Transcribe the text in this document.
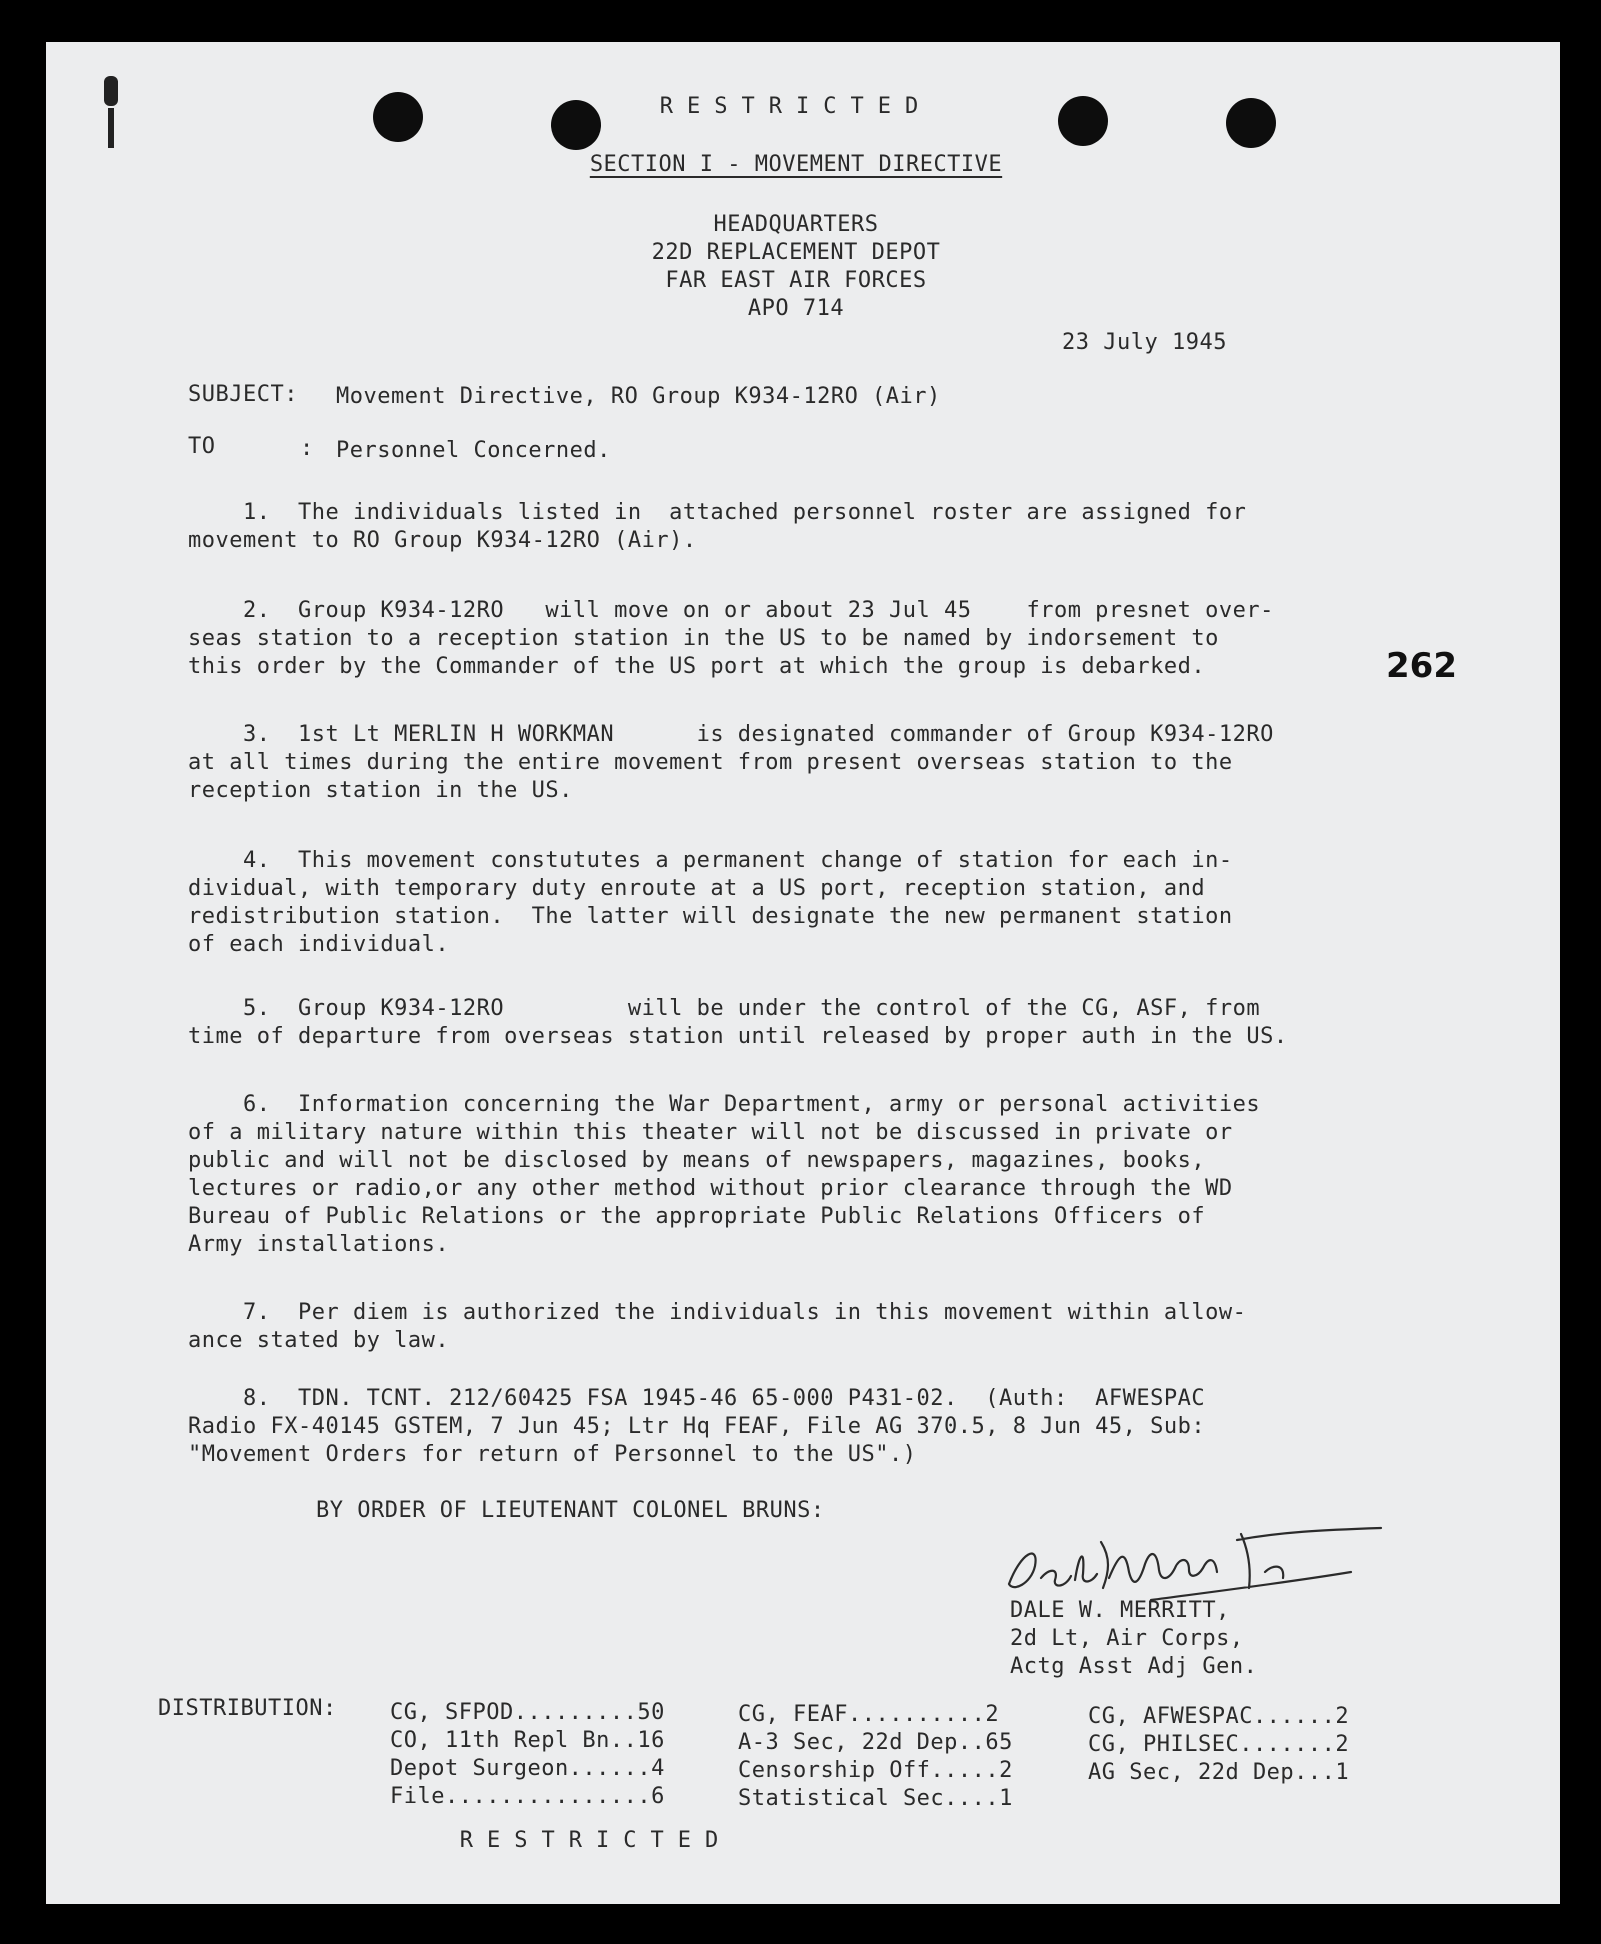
RESTRICTED
SECTION I - MOVEMENT DIRECTIVE
HEADQUARTERS
22D REPLACEMENT DEPOT
FAR EAST AIR FORCES
APO 714
23 July 1945
SUBJECT: Movement Directive, RO Group K934-12RO (Air)
TO	: Personnel Concerned.
1.  The individuals listed in  attached personnel roster are assigned for
movement to RO Group K934-12RO (Air).
2.  Group K934-12RO   will move on or about 23 Jul 45    from presnet over-
seas station to a reception station in the US to be named by indorsement to
this order by the Commander of the US port at which the group is debarked.	262
3.  1st Lt MERLIN H WORKMAN      is designated commander of Group K934-12RO
at all times during the entire movement from present overseas station to the
reception station in the US.
4.  This movement constututes a permanent change of station for each in-
dividual, with temporary duty enroute at a US port, reception station, and
redistribution station.  The latter will designate the new permanent station
of each individual.
5.  Group K934-12RO         will be under the control of the CG, ASF, from
time of departure from overseas station until released by proper auth in the US.
6.  Information concerning the War Department, army or personal activities
of a military nature within this theater will not be discussed in private or
public and will not be disclosed by means of newspapers, magazines, books,
lectures or radio,or any other method without prior clearance through the WD
Bureau of Public Relations or the appropriate Public Relations Officers of
Army installations.
7.  Per diem is authorized the individuals in this movement within allow-
ance stated by law.
8.  TDN. TCNT. 212/60425 FSA 1945-46 65-000 P431-02.  (Auth:  AFWESPAC
Radio FX-40145 GSTEM, 7 Jun 45; Ltr Hq FEAF, File AG 370.5, 8 Jun 45, Sub:
"Movement Orders for return of Personnel to the US".)
BY ORDER OF LIEUTENANT COLONEL BRUNS:
DALE W. MERRITT,
2d Lt, Air Corps,
Actg Asst Adj Gen.
DISTRIBUTION: CG, SFPOD.........50
CO, 11th Repl Bn..16
Depot Surgeon......4
File...............6
CG, FEAF..........2
A-3 Sec, 22d Dep..65
Censorship Off.....2
Statistical Sec....1
CG, AFWESPAC......2
CG, PHILSEC.......2
AG Sec, 22d Dep...1
RESTRICTED
